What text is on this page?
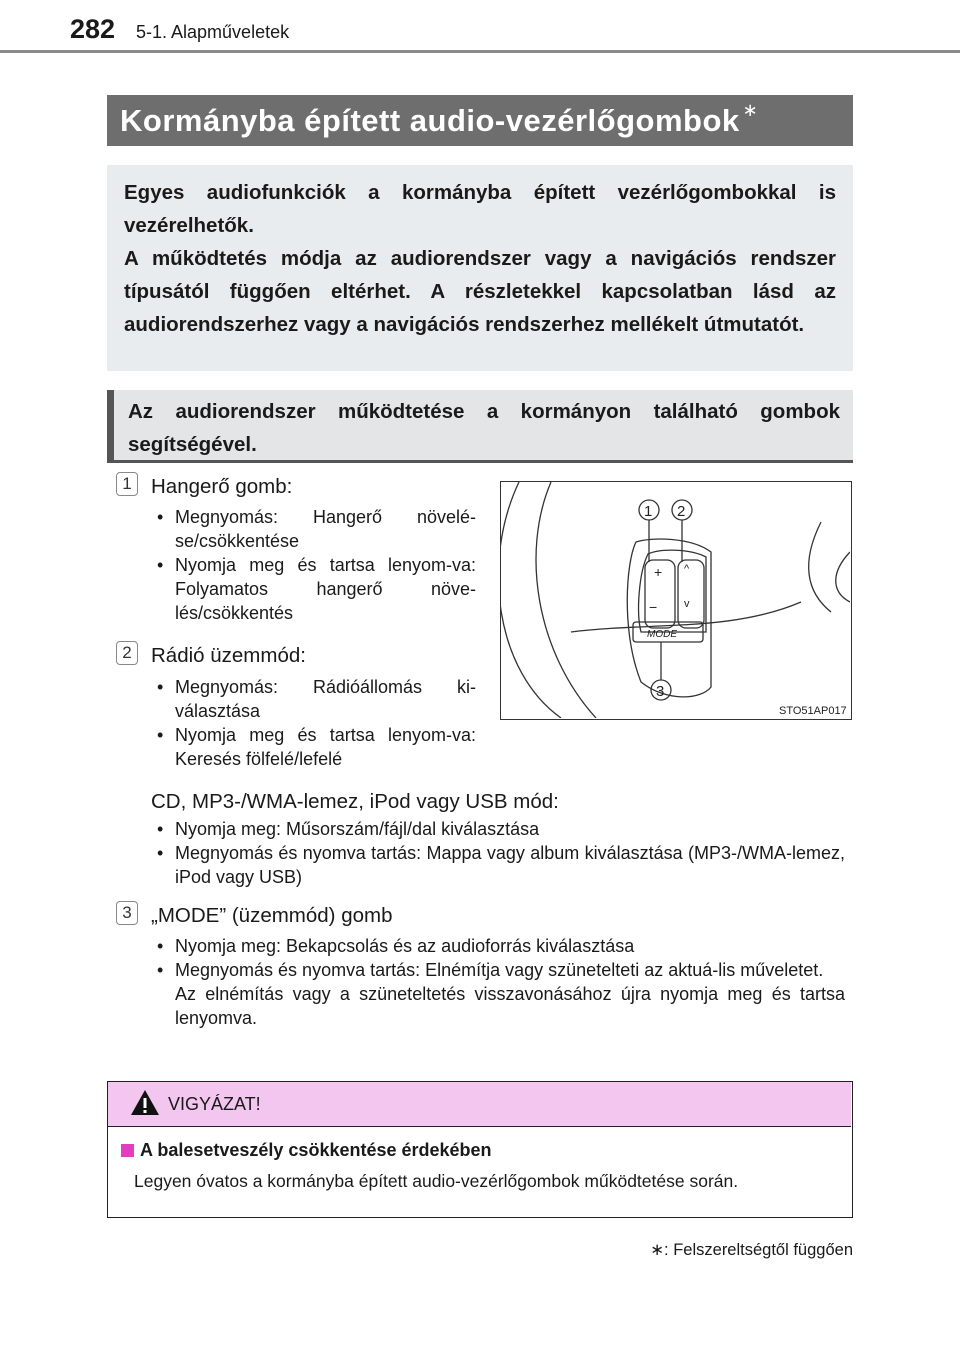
282 5-1. Alapműveletek
Kormányba épített audio-vezérlőgombok ∗

Egyes audiofunkciók a kormányba épített vezérlőgombokkal is vezérelhetők.

A működtetés módja az audiorendszer vagy a navigációs rendszer típusától függően eltérhet. A részletekkel kapcsolatban lásd az audiorendszerhez vagy a navigációs rendszerhez mellékelt útmutatót.

Az audiorendszer működtetése a kormányon található gombok segítségével.

1 Hangerő gomb:
• Megnyomás: Hangerő növelé-se/csökkentése
• Nyomja meg és tartsa lenyom-va: Folyamatos hangerő növe-lés/csökkentés
2 Rádió üzemmód:
• Megnyomás: Rádióállomás ki-választása
• Nyomja meg és tartsa lenyom-va: Keresés fölfelé/lefelé
CD, MP3-/WMA-lemez, iPod vagy USB mód:
• Nyomja meg: Műsorszám/fájl/dal kiválasztása
• Megnyomás és nyomva tartás: Mappa vagy album kiválasztása (MP3-/WMA-lemez, iPod vagy USB)
3 „MODE” (üzemmód) gomb
• Nyomja meg: Bekapcsolás és az audioforrás kiválasztása
• Megnyomás és nyomva tartás: Elnémítja vagy szünetelteti az aktuá-lis műveletet.
Az elnémítás vagy a szüneteltetés visszavonásához újra nyomja meg és tartsa lenyomva.
+
−
^
v
MODE
1 2
3
STO51AP017
VIGYÁZAT!
A balesetveszély csökkentése érdekében
Legyen óvatos a kormányba épített audio-vezérlőgombok működtetése során.
∗: Felszereltségtől függően
